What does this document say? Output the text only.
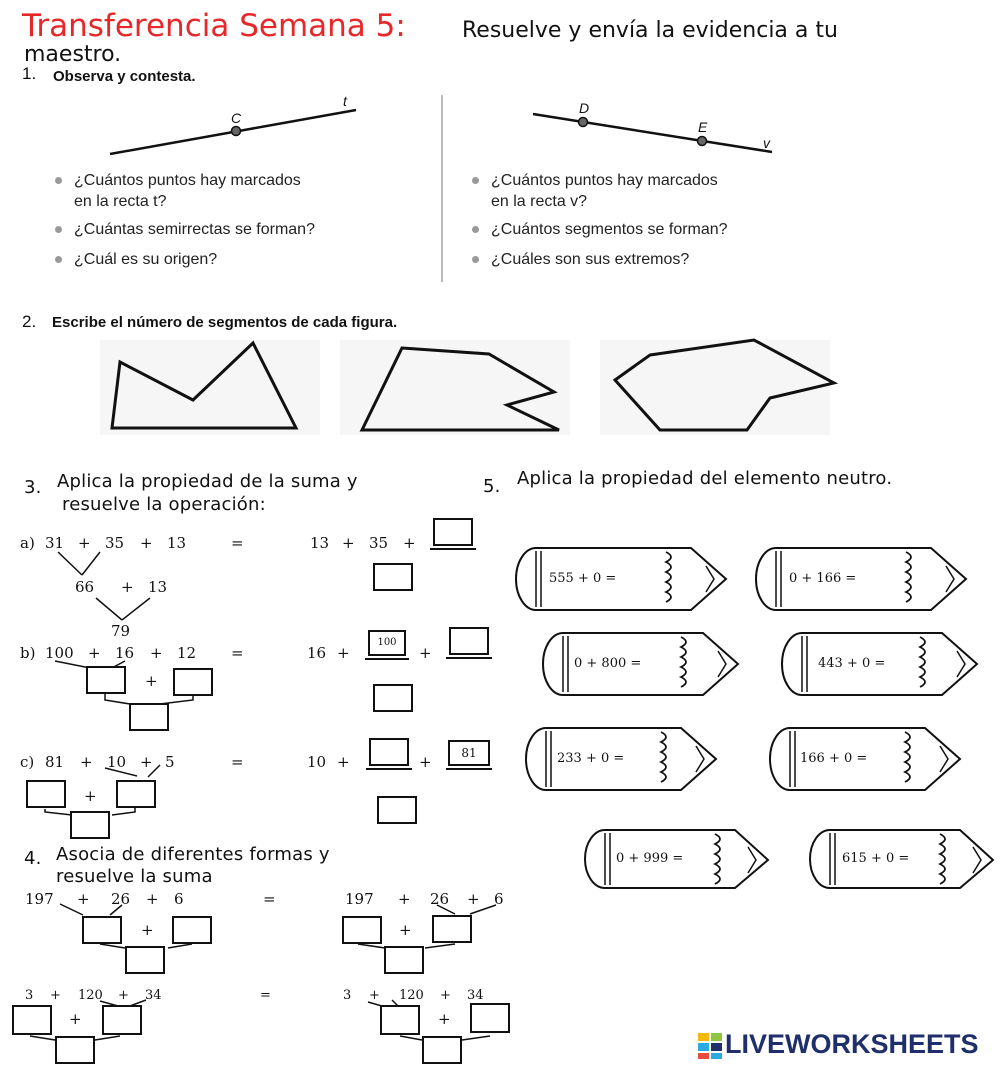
Transferencia Semana 5:	Resuelve y envía la evidencia a tu
maestro.
1. Observa y contesta.
C
t	D
E
v
¿Cuántos puntos hay marcados
en la recta t?
¿Cuántas semirrectas se forman?
¿Cuál es su origen?
¿Cuántos puntos hay marcados
en la recta v?
¿Cuántos segmentos se forman?
¿Cuáles son sus extremos?
2. Escribe el número de segmentos de cada figura.
3. Aplica la propiedad de la suma y
resuelve la operación:
a) 31 + 35 + 13	=
66 + 13
79
13 + 35 +
b) 100 + 16 + 12 =
+
16 +
100
+
c) 81 + 10 + 5	=
+
10 +	+	81
4. Asocia de diferentes formas y
resuelve la suma
197 + 26 + 6	=
+
197 + 26 + 6
+
3 + 120 + 34	=
+
3 + 120 + 34
+
5. Aplica la propiedad del elemento neutro.
555 + 0 =	0 + 166 =
0 + 800 =	443 + 0 =
233 + 0 =	166 + 0 =
0 + 999 =	615 + 0 =
LIVEWORKSHEETS
